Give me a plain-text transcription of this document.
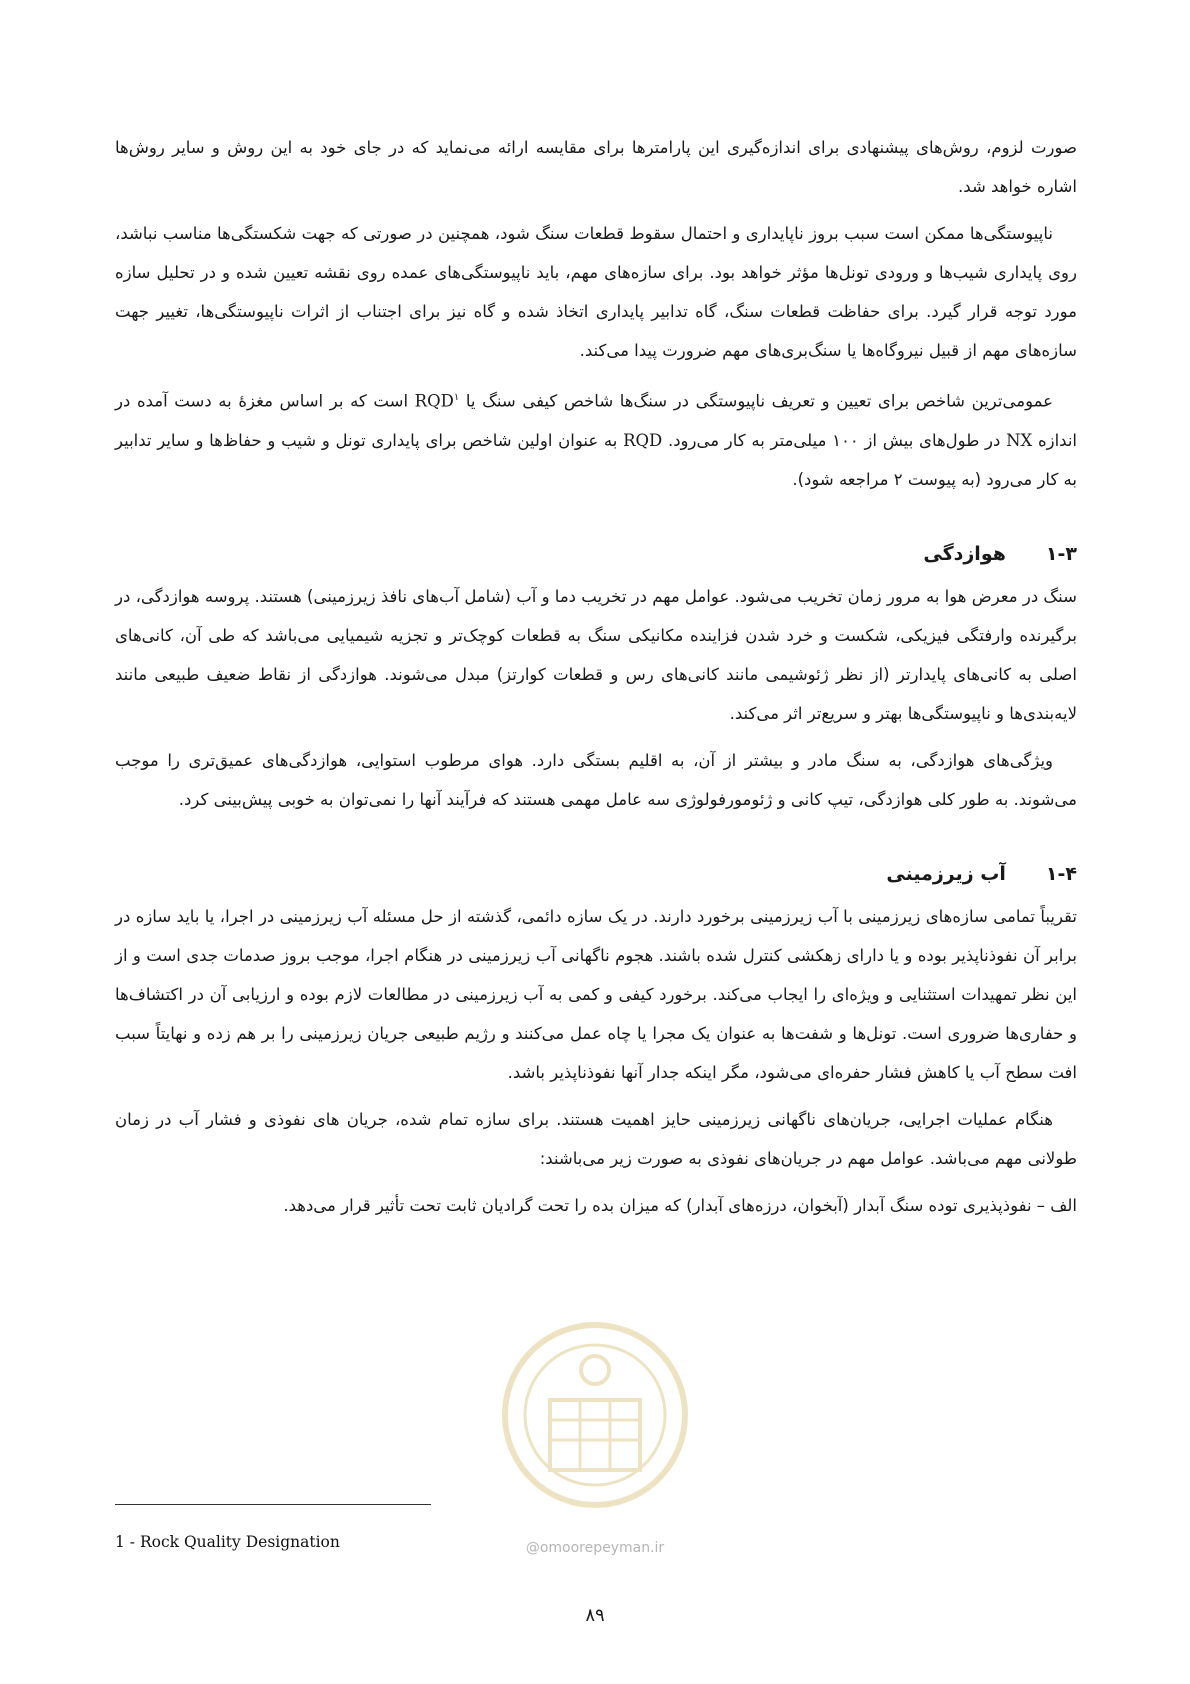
صورت لزوم، روش‌های پیشنهادی برای اندازه‌گیری این پارامترها برای مقایسه ارائه می‌نماید که در جای خود به این روش و سایر روش‌ها اشاره خواهد شد.

ناپیوستگی‌ها ممکن است سبب بروز ناپایداری و احتمال سقوط قطعات سنگ شود، همچنین در صورتی که جهت شکستگی‌ها مناسب نباشد، روی پایداری شیب‌ها و ورودی تونل‌ها مؤثر خواهد بود. برای سازه‌های مهم، باید ناپیوستگی‌های عمده روی نقشه تعیین شده و در تحلیل سازه مورد توجه قرار گیرد. برای حفاظت قطعات سنگ، گاه تدابیر پایداری اتخاذ شده و گاه نیز برای اجتناب از اثرات ناپیوستگی‌ها، تغییر جهت سازه‌های مهم از قبیل نیروگاه‌ها یا سنگ‌بری‌های مهم ضرورت پیدا می‌کند.

عمومی‌ترین شاخص برای تعیین و تعریف ناپیوستگی در سنگ‌ها شاخص کیفی سنگ یا RQD$^۱$ است که بر اساس مغزهٔ به دست آمده در اندازه NX در طول‌های بیش از ۱۰۰ میلی‌متر به کار می‌رود. RQD به عنوان اولین شاخص برای پایداری تونل و شیب و حفاظ‌ها و سایر تدابیر به کار می‌رود (به پیوست ۲ مراجعه شود).

۱-۳
هوازدگی

سنگ در معرض هوا به مرور زمان تخریب می‌شود. عوامل مهم در تخریب دما و آب (شامل آب‌های نافذ زیرزمینی) هستند. پروسه هوازدگی، در برگیرنده وارفتگی فیزیکی، شکست و خرد شدن فزاینده مکانیکی سنگ به قطعات کوچک‌تر و تجزیه شیمیایی می‌باشد که طی آن، کانی‌های اصلی به کانی‌های پایدارتر (از نظر ژئوشیمی مانند کانی‌های رس و قطعات کوارتز) مبدل می‌شوند. هوازدگی از نقاط ضعیف طبیعی مانند لایه‌بندی‌ها و ناپیوستگی‌ها بهتر و سریع‌تر اثر می‌کند.

ویژگی‌های هوازدگی، به سنگ مادر و بیشتر از آن، به اقلیم بستگی دارد. هوای مرطوب استوایی، هوازدگی‌های عمیق‌تری را موجب می‌شوند. به طور کلی هوازدگی، تیپ کانی و ژئومورفولوژی سه عامل مهمی هستند که فرآیند آنها را نمی‌توان به خوبی پیش‌بینی کرد.

۱-۴
آب زیرزمینی

تقریباً تمامی سازه‌های زیرزمینی با آب زیرزمینی برخورد دارند. در یک سازه دائمی، گذشته از حل مسئله آب زیرزمینی در اجرا، یا باید سازه در برابر آن نفوذناپذیر بوده و یا دارای زهکشی کنترل شده باشند. هجوم ناگهانی آب زیرزمینی در هنگام اجرا، موجب بروز صدمات جدی است و از این نظر تمهیدات استثنایی و ویژه‌ای را ایجاب می‌کند. برخورد کیفی و کمی به آب زیرزمینی در مطالعات لازم بوده و ارزیابی آن در اکتشاف‌ها و حفاری‌ها ضروری است. تونل‌ها و شفت‌ها به عنوان یک مجرا یا چاه عمل می‌کنند و رژیم طبیعی جریان زیرزمینی را بر هم زده و نهایتاً سبب افت سطح آب یا کاهش فشار حفره‌ای می‌شود، مگر اینکه جدار آنها نفوذناپذیر باشد.

هنگام عملیات اجرایی، جریان‌های ناگهانی زیرزمینی حایز اهمیت هستند. برای سازه تمام شده، جریان های نفوذی و فشار آب در زمان طولانی مهم می‌باشد. عوامل مهم در جریان‌های نفوذی به صورت زیر می‌باشند:

الف – نفوذپذیری توده سنگ آبدار (آبخوان، درزه‌های آبدار) که میزان بده را تحت گرادیان ثابت تحت تأثیر قرار می‌دهد.

@omoorepeyman.ir
1 - Rock Quality Designation
۸۹
